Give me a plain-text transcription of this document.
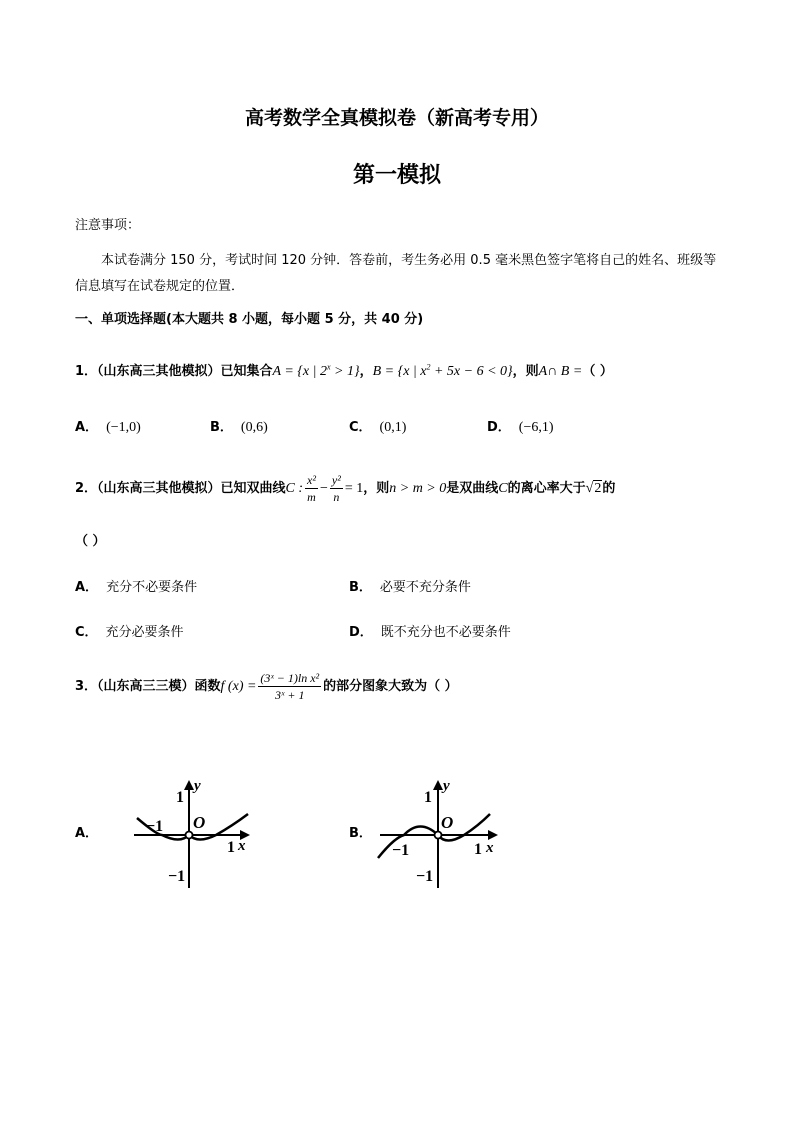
高考数学全真模拟卷（新高考专用）
第一模拟
注意事项：
本试卷满分 150 分，考试时间 120 分钟．答卷前，考生务必用 0.5 毫米黑色签字笔将自己的姓名、班级等信息填写在试卷规定的位置．
一、单项选择题(本大题共 8 小题，每小题 5 分，共 40 分)
1．（山东高三其他模拟）已知集合A = {x | $2^x > 1$}，B = {x | $x^2 + 5x - 6 < 0$}，则A∩ B =（ ）
A． (−1,0)	B． (0,6)	C． (0,1)	D． (−6,1)
2．（山东高三其他模拟）已知双曲线C : $\frac{\text{x²}}{m} - \frac{\text{y²}}{n} = 1$，则n > m > 0是双曲线C的离心率大于√2的
（ ）
A． 充分不必要条件	B． 必要不充分条件
C． 充分必要条件	D． 既不充分也不必要条件
3．（山东高三三模）函数f $(x) = \frac{\text{(3ˣ − 1)ln x²}}{\text{3ˣ + 1}}$ 的部分图象大致为（ ）
A．
y
1
−1 O
1 x
−1
B．
y
1
−1
O
1 x
−1
